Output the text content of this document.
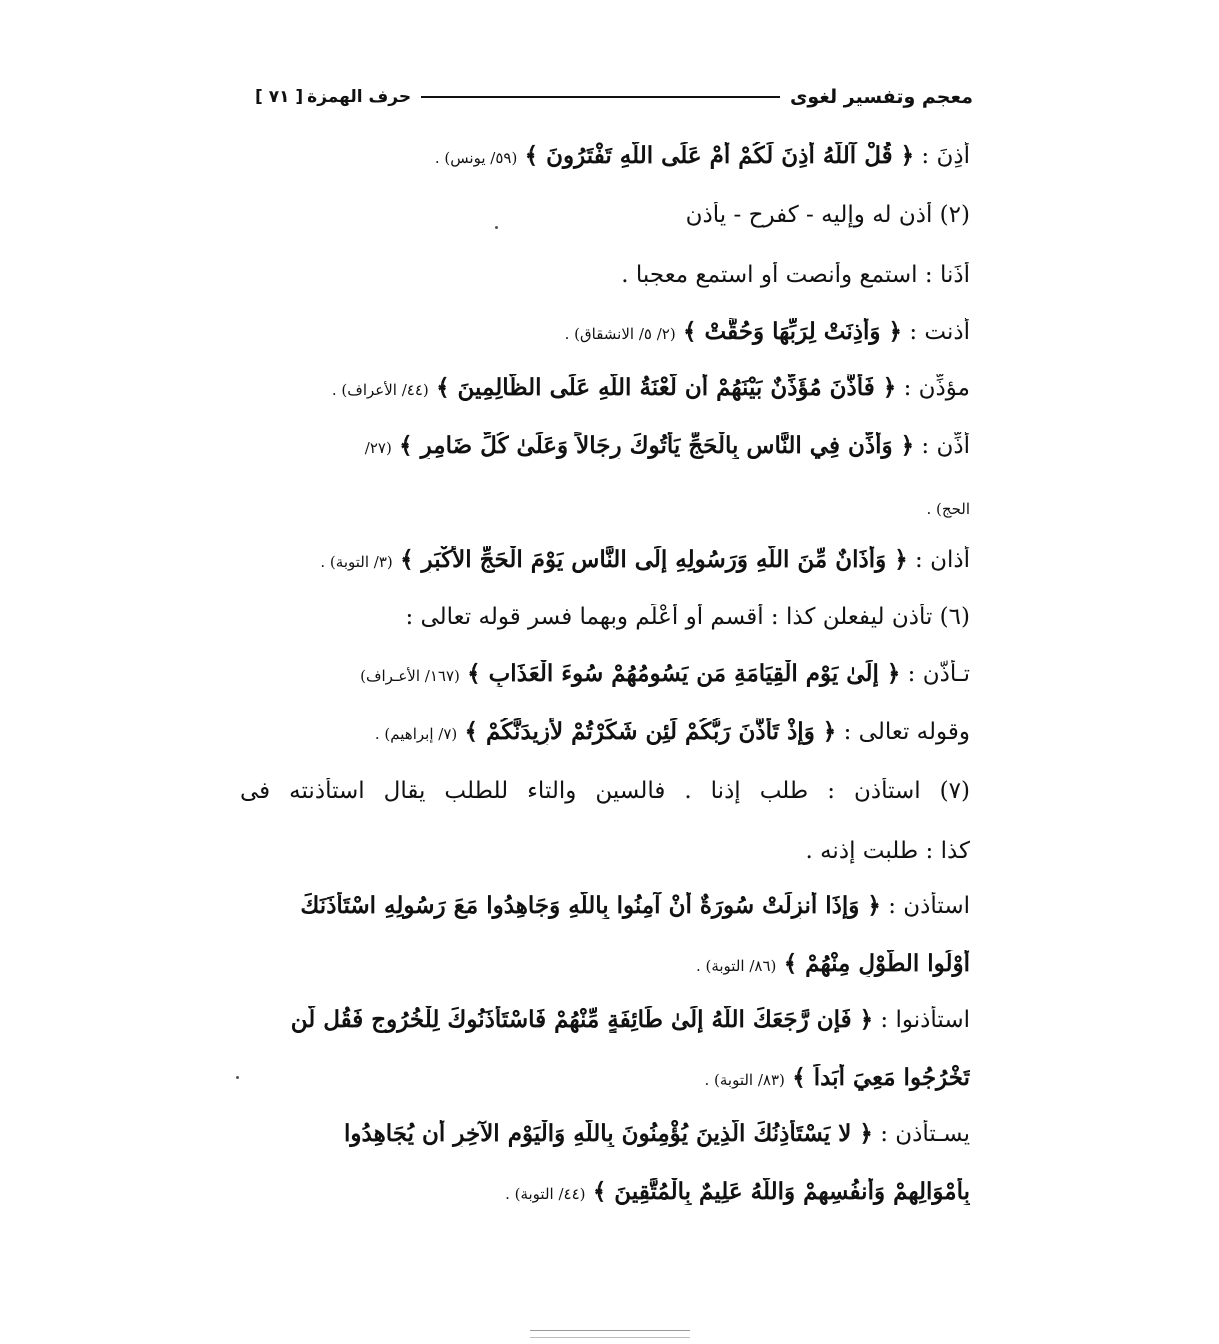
معجم وتفسير لغوى
حرف الهمزة
[ ٧١ ]
أَذِنَ : ﴿ قُلْ آللَّهُ أَذِنَ لَكُمْ أَمْ عَلَى اللَّهِ تَفْتَرُونَ ﴾ (٥٩/ يونس) .
(٢) أذن له وإليه - كفرح - يأذن
أَذَنا : استمع وأنصت أو استمع معجبا .
أذنت : ﴿ وَأَذِنَتْ لِرَبِّهَا وَحُقَّتْ ﴾ (٢/ ٥/ الانشقاق) .
مؤذِّن : ﴿ فَأَذَّنَ مُؤَذِّنٌ بَيْنَهُمْ أَن لَّعْنَةُ اللَّهِ عَلَى الظَّالِمِينَ ﴾ (٤٤/ الأعراف) .
أَذِّن : ﴿ وَأَذِّن فِي النَّاسِ بِالْحَجِّ يَأْتُوكَ رِجَالاً وَعَلَىٰ كُلِّ ضَامِرٍ ﴾ (٢٧/
الحج) .
أذان : ﴿ وَأَذَانٌ مِّنَ اللَّهِ وَرَسُولِهِ إِلَى النَّاسِ يَوْمَ الْحَجِّ الأَكْبَرِ ﴾ (٣/ التوبة) .
(٦) تأذن ليفعلن كذا : أقسم أو أعْلَم وبهما فسر قوله تعالى :
تـأذّن : ﴿ إِلَىٰ يَوْمِ الْقِيَامَةِ مَن يَسُومُهُمْ سُوءَ الْعَذَابِ ﴾ (١٦٧/ الأعـراف)
وقوله تعالى : ﴿ وَإِذْ تَأَذَّنَ رَبُّكُمْ لَئِن شَكَرْتُمْ لأَزِيدَنَّكُمْ ﴾ (٧/ إبراهيم) .
(٧) استأذن : طلب إذنا . فالسين والتاء للطلب يقال استأذنته فى
كذا : طلبت إذنه .
استأذن : ﴿ وَإِذَا أُنزِلَتْ سُورَةٌ أَنْ آمِنُوا بِاللَّهِ وَجَاهِدُوا مَعَ رَسُولِهِ اسْتَأْذَنَكَ
أُوْلُوا الطَّوْلِ مِنْهُمْ ﴾ (٨٦/ التوبة) .
استأذنوا : ﴿ فَإِن رَّجَعَكَ اللَّهُ إِلَىٰ طَائِفَةٍ مِّنْهُمْ فَاسْتَأْذَنُوكَ لِلْخُرُوجِ فَقُل لَّن
تَخْرُجُوا مَعِيَ أَبَداً ﴾ (٨٣/ التوبة) .
يسـتأذن : ﴿ لا يَسْتَأْذِنُكَ الَّذِينَ يُؤْمِنُونَ بِاللَّهِ وَالْيَوْمِ الآخِرِ أَن يُجَاهِدُوا
بِأَمْوَالِهِمْ وَأَنفُسِهِمْ وَاللَّهُ عَلِيمٌ بِالْمُتَّقِينَ ﴾ (٤٤/ التوبة) .
